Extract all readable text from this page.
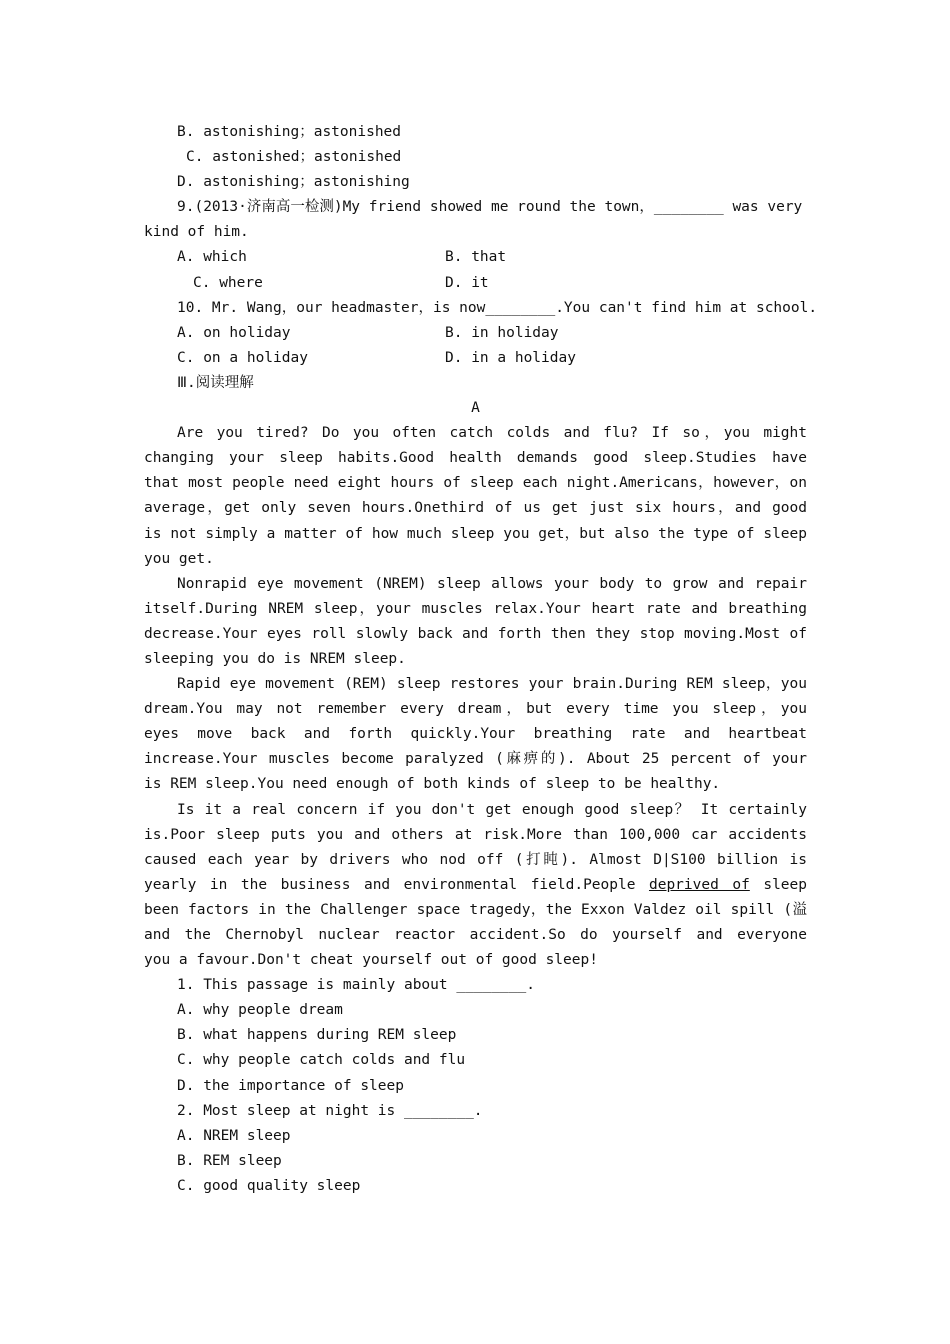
B. astonishing；astonished
C. astonished；astonished
D. astonishing；astonishing
9.(2013·济南高一检测)My friend showed me round the town，________ was very
kind of him.
A. which	B. that
C. where	D. it
10. Mr. Wang，our headmaster，is now________.You can't find him at school.
A. on holiday	B. in holiday
C. on a holiday	D. in a holiday
Ⅲ.阅读理解
A
Are you tired? Do you often catch colds and flu? If so，you might
changing your sleep habits.Good health demands good sleep.Studies have
that most people need eight hours of sleep each night.Americans，however，on
average，get only seven hours.Onethird of us get just six hours，and good
is not simply a matter of how much sleep you get，but also the type of sleep
you get.
Nonrapid eye movement (NREM) sleep allows your body to grow and repair
itself.During NREM sleep，your muscles relax.Your heart rate and breathing
decrease.Your eyes roll slowly back and forth then they stop moving.Most of
sleeping you do is NREM sleep.
Rapid eye movement (REM) sleep restores your brain.During REM sleep，you
dream.You may not remember every dream，but every time you sleep，you
eyes move back and forth quickly.Your breathing rate and heartbeat
increase.Your muscles become paralyzed (麻痹的). About 25 percent of your
is REM sleep.You need enough of both kinds of sleep to be healthy.
Is it a real concern if you don't get enough good sleep？ It certainly
is.Poor sleep puts you and others at risk.More than 100,000 car accidents
caused each year by drivers who nod off (打盹). Almost D|S100 billion is
yearly in the business and environmental field.People deprived of sleep
been factors in the Challenger space tragedy，the Exxon Valdez oil spill (溢
and the Chernobyl nuclear reactor accident.So do yourself and everyone
you a favour.Don't cheat yourself out of good sleep!
1. This passage is mainly about ________.
A. why people dream
B. what happens during REM sleep
C. why people catch colds and flu
D. the importance of sleep
2. Most sleep at night is ________.
A. NREM sleep
B. REM sleep
C. good quality sleep
